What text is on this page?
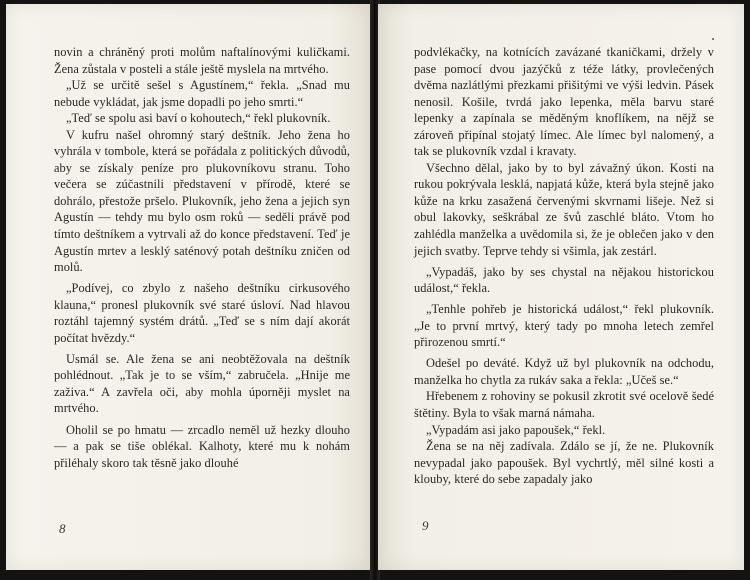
novin a chráněný proti molům naftalínovými kuličkami. Žena zůstala v posteli a stále ještě myslela na mrtvého.

„Už se určitě sešel s Agustínem,“ řekla. „Snad mu nebude vykládat, jak jsme dopadli po jeho smrti.“

„Teď se spolu asi baví o kohoutech,“ řekl plukovník.

V kufru našel ohromný starý deštník. Jeho žena ho vyhrála v tombole, která se pořádala z politických důvodů, aby se získaly peníze pro plukovníkovu stranu. Toho večera se zúčastnili představení v přírodě, které se dohrálo, přestože pršelo. Plukovník, jeho žena a jejich syn Agustín — tehdy mu bylo osm roků — seděli právě pod tímto deštníkem a vytrvali až do konce představení. Teď je Agustín mrtev a lesklý saténový potah deštníku zničen od molů.

„Podívej, co zbylo z našeho deštníku cirkusového klauna,“ pronesl plukovník své staré úsloví. Nad hlavou roztáhl tajemný systém drátů. „Teď se s ním dají akorát počítat hvězdy.“

Usmál se. Ale žena se ani neobtěžovala na deštník pohlédnout. „Tak je to se vším,“ zabručela. „Hnije me zaživa.“ A zavřela oči, aby mohla úporněji myslet na mrtvého.

Oholil se po hmatu — zrcadlo neměl už hezky dlouho — a pak se tiše oblékal. Kalhoty, které mu k nohám přiléhaly skoro tak těsně jako dlouhé

8

podvlékačky, na kotnících zavázané tkaničkami, držely v pase pomocí dvou jazýčků z téže látky, provlečených dvěma nazlátlými přezkami přišitými ve výši ledvin. Pásek nenosil. Košile, tvrdá jako lepenka, měla barvu staré lepenky a zapínala se měděným knoflíkem, na nějž se zároveň připínal stojatý límec. Ale límec byl nalomený, a tak se plukovník vzdal i kravaty.

Všechno dělal, jako by to byl závažný úkon. Kosti na rukou pokrývala lesklá, napjatá kůže, která byla stejně jako kůže na krku zasažená červenými skvrnami lišeje. Než si obul lakovky, seškrábal ze švů zaschlé bláto. Vtom ho zahlédla manželka a uvědomila si, že je oblečen jako v den jejich svatby. Teprve tehdy si všimla, jak zestárl.

„Vypadáš, jako by ses chystal na nějakou historickou událost,“ řekla.

„Tenhle pohřeb je historická událost,“ řekl plukovník. „Je to první mrtvý, který tady po mnoha letech zemřel přirozenou smrtí.“

Odešel po deváté. Když už byl plukovník na odchodu, manželka ho chytla za rukáv saka a řekla: „Učeš se.“

Hřebenem z rohoviny se pokusil zkrotit své ocelově šedé štětiny. Byla to však marná námaha.

„Vypadám asi jako papoušek,“ řekl.

Žena se na něj zadívala. Zdálo se jí, že ne. Plukovník nevypadal jako papoušek. Byl vychrtlý, měl silné kosti a klouby, které do sebe zapadaly jako

9
